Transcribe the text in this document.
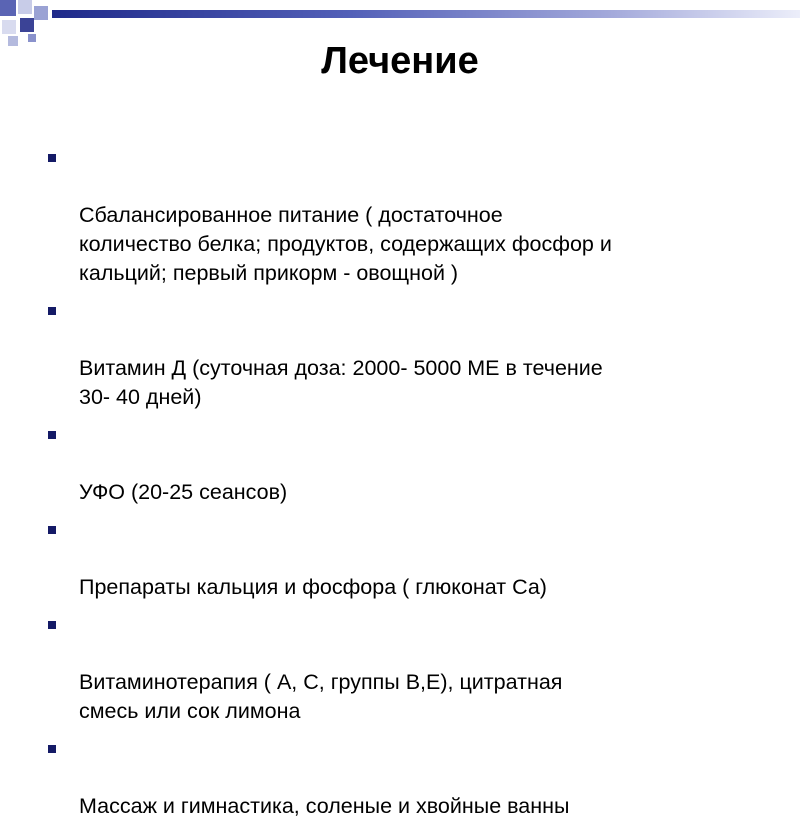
Лечение

Сбалансированное питание ( достаточное
количество белка; продуктов, содержащих фосфор и
кальций; первый прикорм - овощной )

Витамин Д (суточная доза: 2000- 5000 МЕ в течение
30- 40 дней)

УФО (20-25 сеансов)

Препараты кальция и фосфора ( глюконат Са)

Витаминотерапия ( А, С, группы В,Е), цитратная
смесь или сок лимона

Массаж и гимнастика, соленые и хвойные ванны
